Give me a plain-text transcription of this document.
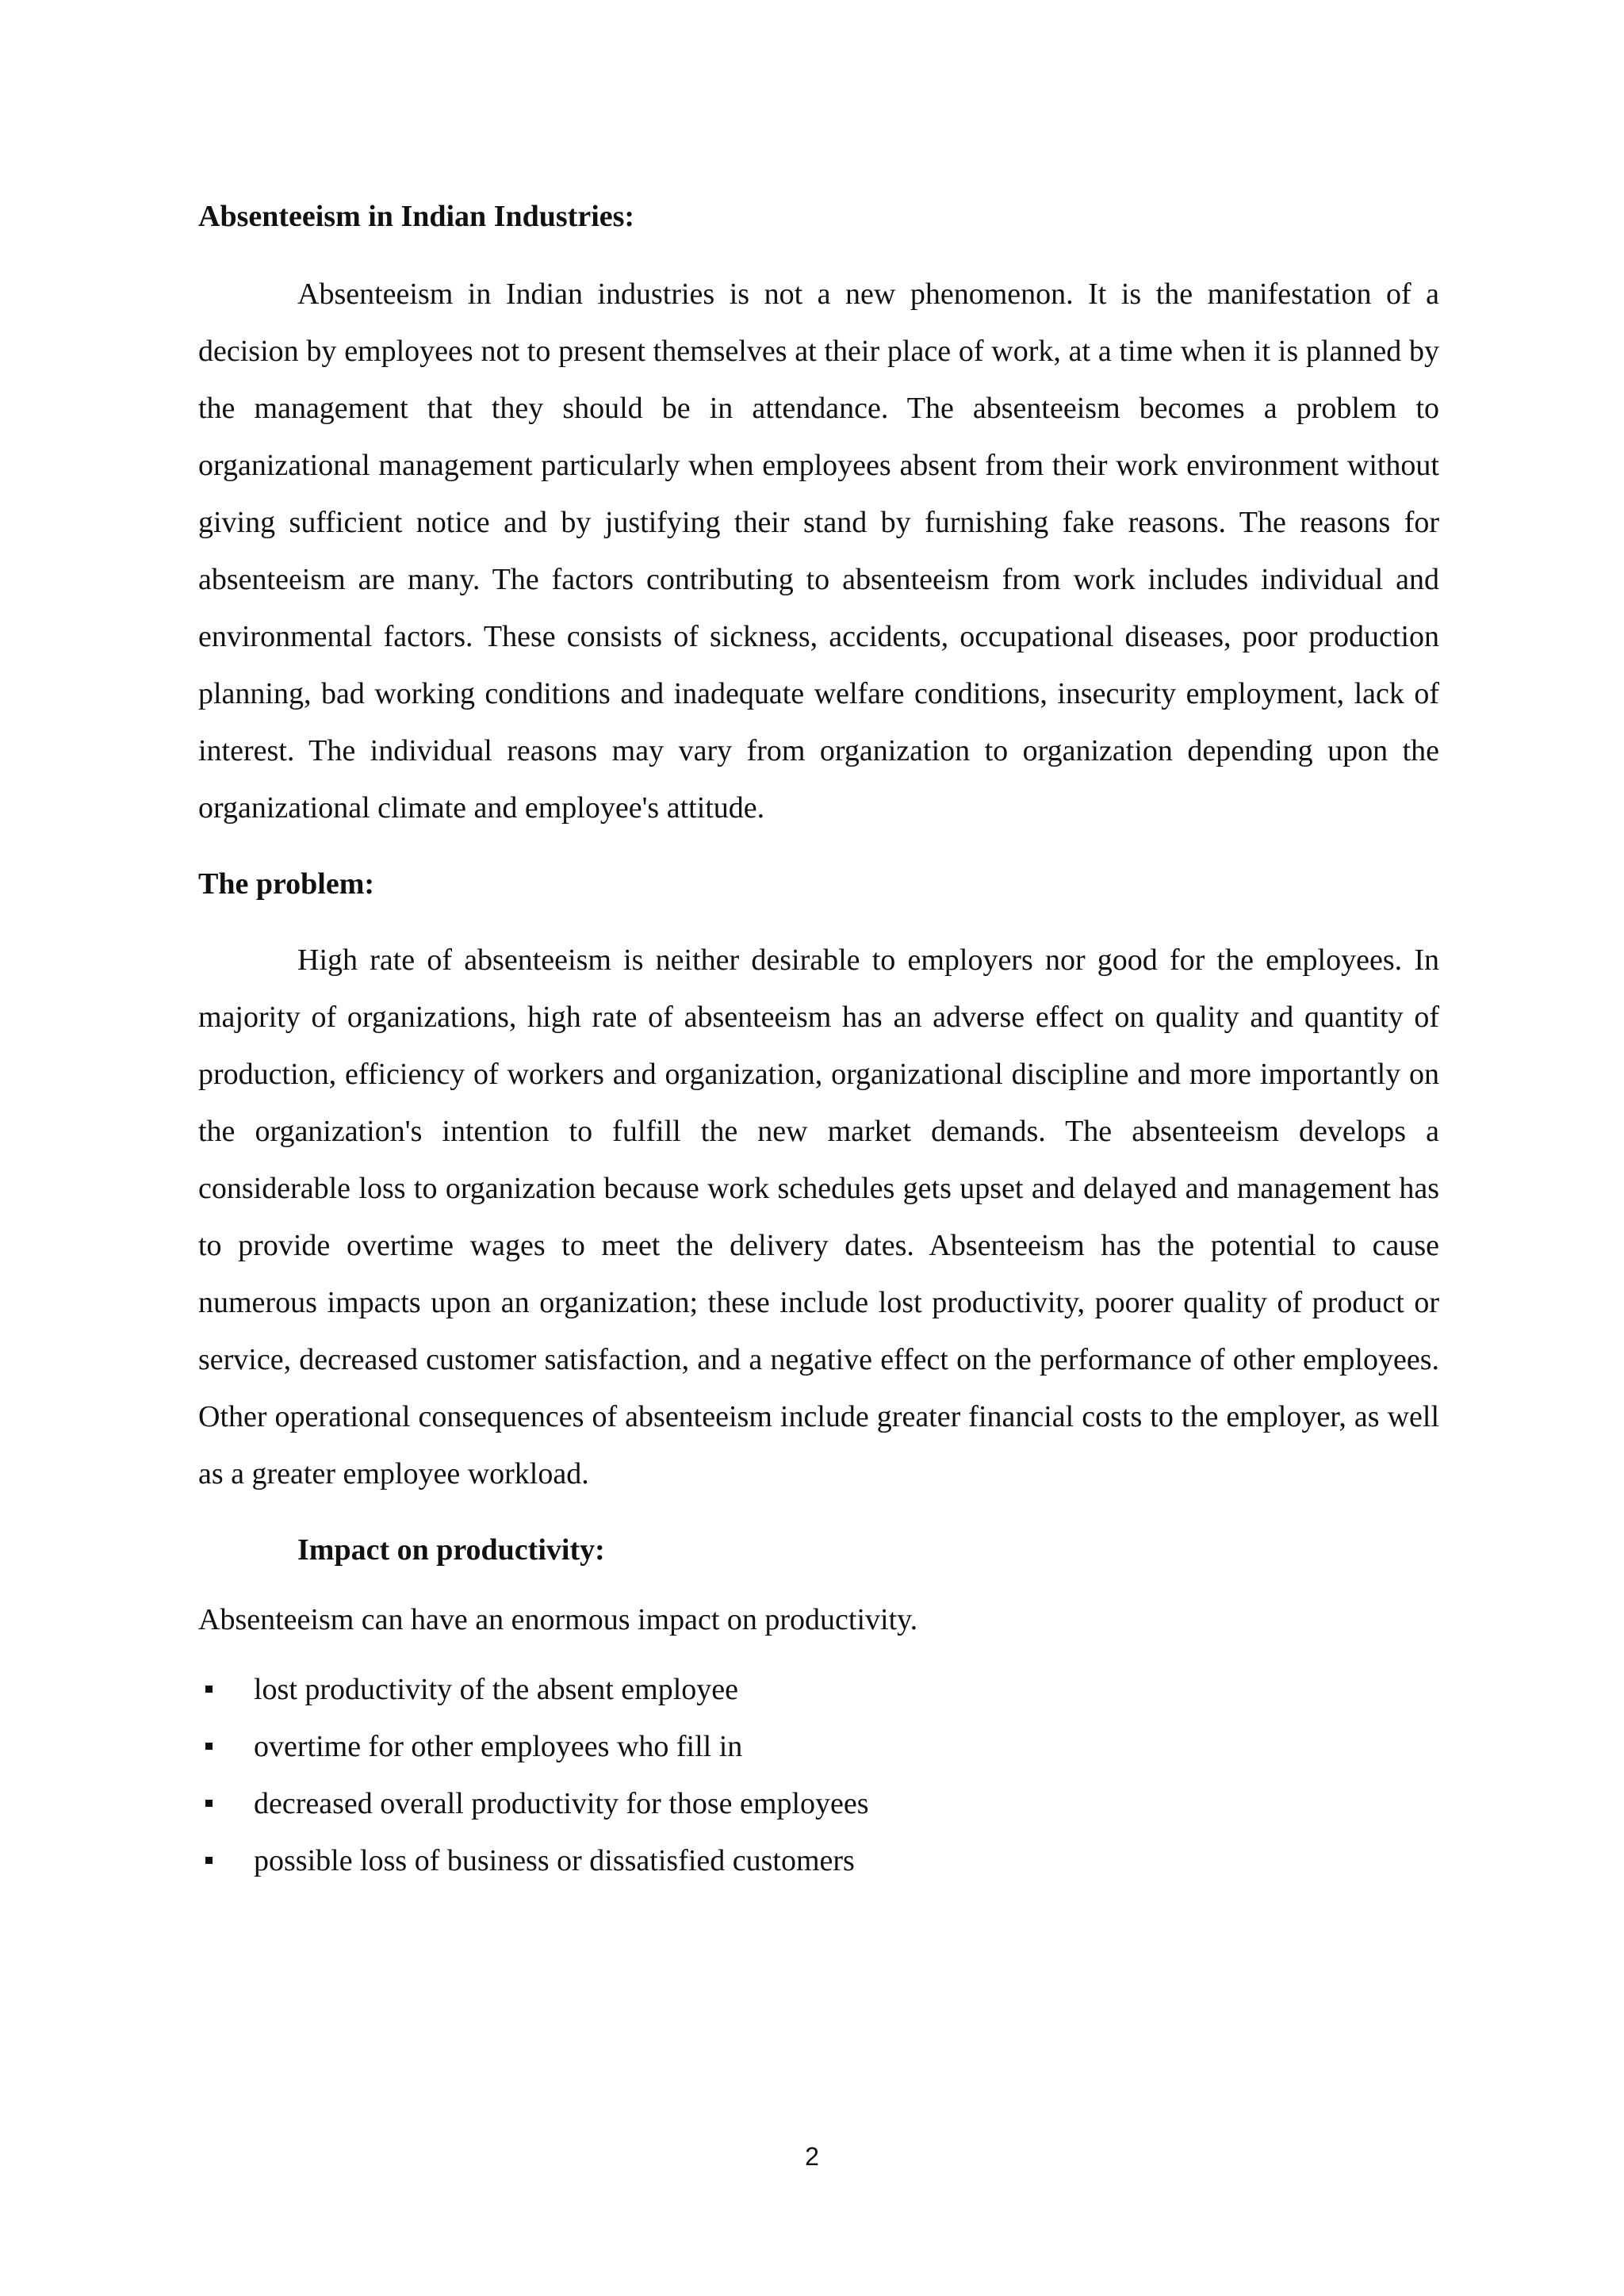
Absenteeism in Indian Industries:

Absenteeism in Indian industries is not a new phenomenon. It is the manifestation of a decision by employees not to present themselves at their place of work, at a time when it is planned by the management that they should be in attendance. The absenteeism becomes a problem to organizational management particularly when employees absent from their work environment without giving sufficient notice and by justifying their stand by furnishing fake reasons. The reasons for absenteeism are many. The factors contributing to absenteeism from work includes individual and environmental factors. These consists of sickness, accidents, occupational diseases, poor production planning, bad working conditions and inadequate welfare conditions, insecurity employment, lack of interest. The individual reasons may vary from organization to organization depending upon the organizational climate and employee's attitude.

The problem:

High rate of absenteeism is neither desirable to employers nor good for the employees. In majority of organizations, high rate of absenteeism has an adverse effect on quality and quantity of production, efficiency of workers and organization, organizational discipline and more importantly on the organization's intention to fulfill the new market demands. The absenteeism develops a considerable loss to organization because work schedules gets upset and delayed and management has to provide overtime wages to meet the delivery dates. Absenteeism has the potential to cause numerous impacts upon an organization; these include lost productivity, poorer quality of product or service, decreased customer satisfaction, and a negative effect on the performance of other employees. Other operational consequences of absenteeism include greater financial costs to the employer, as well as a greater employee workload.

Impact on productivity:

Absenteeism can have an enormous impact on productivity.

lost productivity of the absent employee
overtime for other employees who fill in
decreased overall productivity for those employees
possible loss of business or dissatisfied customers
2
